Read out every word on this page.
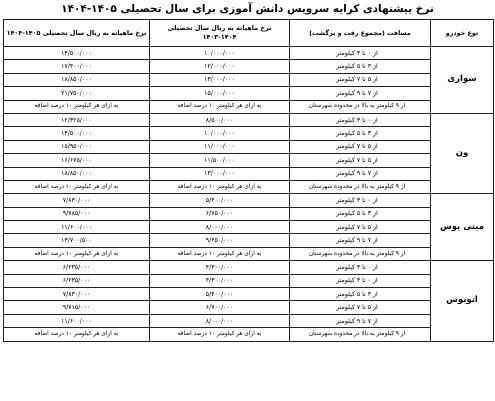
نرخ پیشنهادی کرایه سرویس دانش آموزی برای سال تحصیلی ۱۴۰۵-۱۴۰۴
نوع خودرو	مسافت (مجموع رفت و برگشت)	نرخ ماهیانه به ریال سال تحصیلی ۱۴۰۴-۱۴۰۳	نرخ ماهیانه به ریال سال تحصیلی ۱۴۰۵-۱۴۰۴
سواری	از ۰ تا ۳ کیلومتر	۱۰/۰۰۰/۰۰۰	۱۴/۵۰۰/۰۰۰
	از ۳ تا ۵ کیلومتر	۱۲/۰۰۰/۰۰۰	۱۷/۴۰۰/۰۰۰
	از ۵ تا ۷ کیلومتر	۱۳/۰۰۰/۰۰۰	۱۸/۸۵۰/۰۰۰
	از ۷ تا ۹ کیلومتر	۱۵/۰۰۰/۰۰۰	۲۱/۷۵۰/۰۰۰
	از ۹ کیلومتر به بالا در محدوده شهرستان	به ازای هر کیلومتر ۱۰ درصد اضافه	به ازای هر کیلومتر ۱۰ درصد اضافه
ون	از ۰ تا ۳ کیلومتر	۸/۵۰۰/۰۰۰	۱۲/۳۲۵/۰۰۰
	از ۳ تا ۵ کیلومتر	۱۰/۰۰۰/۰۰۰	۱۴/۵۰۰/۰۰۰
	از ۵ تا ۷ کیلومتر	۱۱/۰۰۰/۰۰۰	۱۵/۹۵۰/۰۰۰
	از ۵ تا ۷ کیلومتر	۱۱/۵۰۰/۰۰۰	۱۶/۶۷۵/۰۰۰
	از ۷ تا ۹ کیلومتر	۱۳/۰۰۰/۰۰۰	۱۸/۸۵۰/۰۰۰
	از ۹ کیلومتر به بالا در محدوده شهرستان	به ازای هر کیلومتر ۱۰ درصد اضافه	به ازای هر کیلومتر ۱۰ درصد اضافه
مینی بوس	از ۰ تا ۳ کیلومتر	۵/۴۰۰/۰۰۰	۷/۸۳۰/۰۰۰
	از ۳ تا ۵ کیلومتر	۶/۷۵۰/۰۰۰	۹/۷۸۵/۰۰۰
	از ۵ تا ۷ کیلومتر	۸/۰۰۰/۰۰۰	۱۱/۶۰۰/۰۰۰
	از ۷ تا ۹ کیلومتر	۹/۴۵۰/۰۰۰	۱۳/۷۰۰/۵۰۰
	از ۹ کیلومتر به بالا در محدوده شهرستان	به ازای هر کیلومتر ۱۰ درصد اضافه	به ازای هر کیلومتر ۱۰ درصد اضافه
اتوبوس	از ۰ تا ۳ کیلومتر	۴/۳۰۰/۰۰۰	۶/۲۳۵/۰۰۰
	از ۰ تا ۳ کیلومتر	۴/۳۰۰/۰۰۰	۶/۲۳۵/۰۰۰
	از ۳ تا ۵ کیلومتر	۵/۴۰۰/۰۰۰	۷/۸۳۰/۰۰۰
	از ۵ تا ۷ کیلومتر	۶/۷۰۰/۰۰۰	۹/۷۱۵/۰۰۰
	از ۷ تا ۹ کیلومتر	۸/۰۰۰/۰۰۰	۱۱/۶۰۰/۰۰۰
	از ۹ کیلومتر به بالا در محدوده شهرستان	به ازای هر کیلومتر ۱۰ درصد اضافه	به ازای هر کیلومتر ۱۰ درصد اضافه
